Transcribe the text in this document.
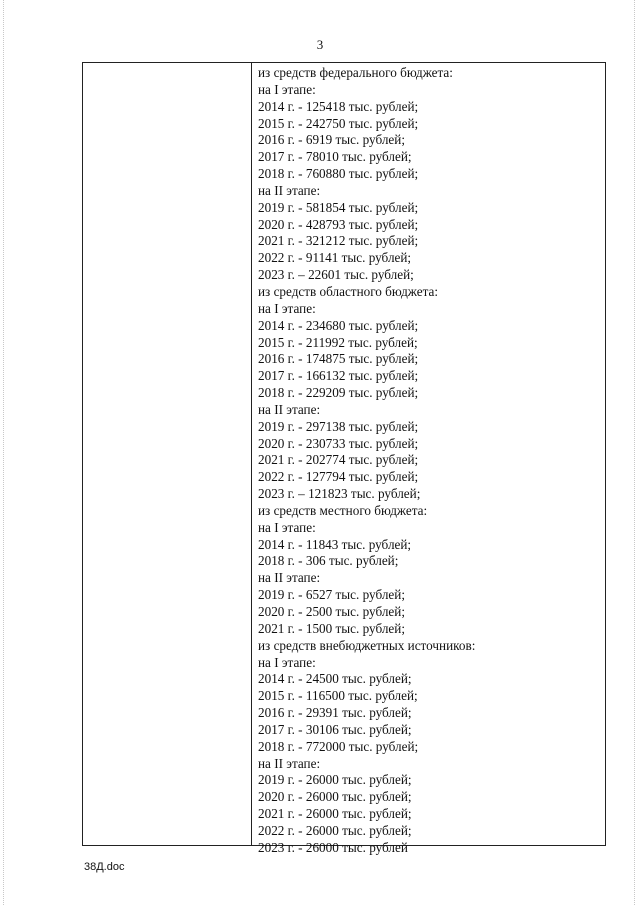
3
из средств федерального бюджета:
на I этапе:
2014 г. - 125418 тыс. рублей;
2015 г. - 242750 тыс. рублей;
2016 г. - 6919 тыс. рублей;
2017 г. - 78010 тыс. рублей;
2018 г. - 760880 тыс. рублей;
на II этапе:
2019 г. - 581854 тыс. рублей;
2020 г. - 428793 тыс. рублей;
2021 г. - 321212 тыс. рублей;
2022 г. - 91141 тыс. рублей;
2023 г. – 22601 тыс. рублей;
из средств областного бюджета:
на I этапе:
2014 г. - 234680 тыс. рублей;
2015 г. - 211992 тыс. рублей;
2016 г. - 174875 тыс. рублей;
2017 г. - 166132 тыс. рублей;
2018 г. - 229209 тыс. рублей;
на II этапе:
2019 г. - 297138 тыс. рублей;
2020 г. - 230733 тыс. рублей;
2021 г. - 202774 тыс. рублей;
2022 г. - 127794 тыс. рублей;
2023 г. – 121823 тыс. рублей;
из средств местного бюджета:
на I этапе:
2014 г. - 11843 тыс. рублей;
2018 г. - 306 тыс. рублей;
на II этапе:
2019 г. - 6527 тыс. рублей;
2020 г. - 2500 тыс. рублей;
2021 г. - 1500 тыс. рублей;
из средств внебюджетных источников:
на I этапе:
2014 г. - 24500 тыс. рублей;
2015 г. - 116500 тыс. рублей;
2016 г. - 29391 тыс. рублей;
2017 г. - 30106 тыс. рублей;
2018 г. - 772000 тыс. рублей;
на II этапе:
2019 г. - 26000 тыс. рублей;
2020 г. - 26000 тыс. рублей;
2021 г. - 26000 тыс. рублей;
2022 г. - 26000 тыс. рублей;
2023 г. - 26000 тыс. рублей
38Д.doc
